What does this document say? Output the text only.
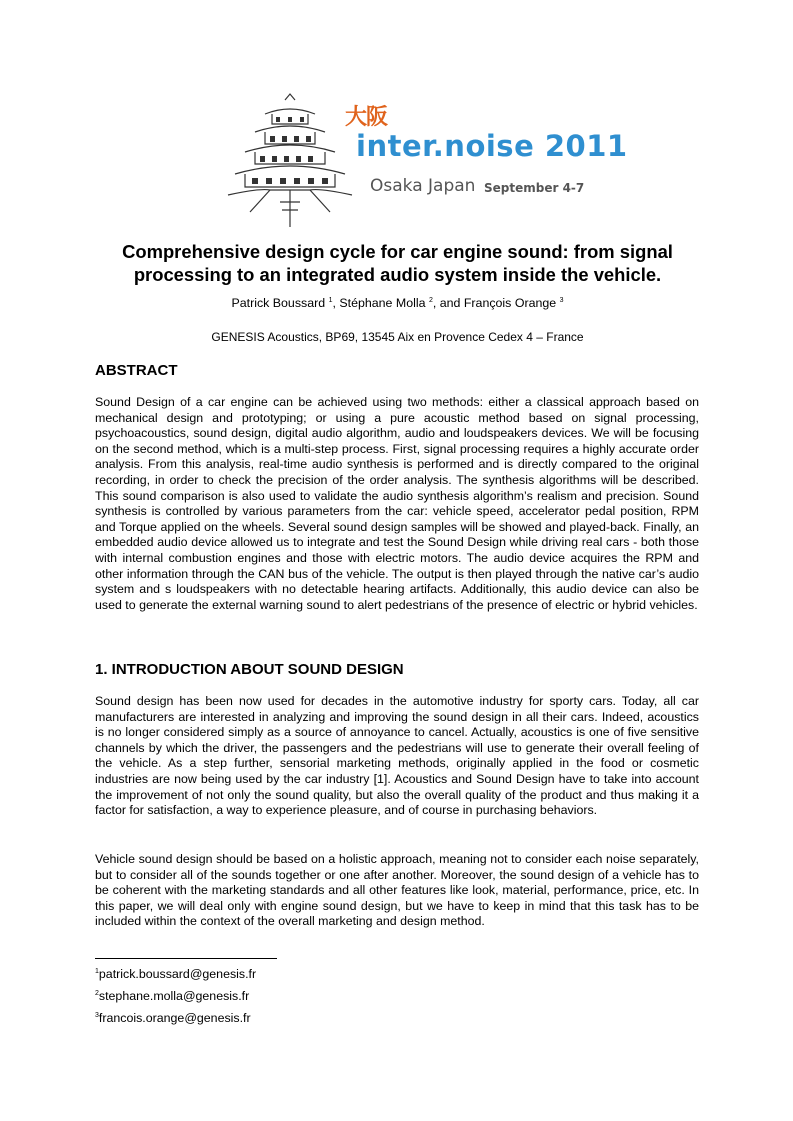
大阪
inter.noise 2011
Osaka Japan September 4-7
Comprehensive design cycle for car engine sound: from signal processing to an integrated audio system inside the vehicle.
Patrick Boussard $^1$, Stéphane Molla $^2$, and François Orange $^3$
GENESIS Acoustics, BP69, 13545 Aix en Provence Cedex 4 – France
ABSTRACT

Sound Design of a car engine can be achieved using two methods: either a classical approach based on mechanical design and prototyping; or using a pure acoustic method based on signal processing, psychoacoustics, sound design, digital audio algorithm, audio and loudspeakers devices. We will be focusing on the second method, which is a multi-step process. First, signal processing requires a highly accurate order analysis. From this analysis, real-time audio synthesis is performed and is directly compared to the original recording, in order to check the precision of the order analysis. The synthesis algorithms will be described. This sound comparison is also used to validate the audio synthesis algorithm’s realism and precision. Sound synthesis is controlled by various parameters from the car: vehicle speed, accelerator pedal position, RPM and Torque applied on the wheels. Several sound design samples will be showed and played-back. Finally, an embedded audio device allowed us to integrate and test the Sound Design while driving real cars - both those with internal combustion engines and those with electric motors. The audio device acquires the RPM and other information through the CAN bus of the vehicle. The output is then played through the native car’s audio system and s loudspeakers with no detectable hearing artifacts. Additionally, this audio device can also be used to generate the external warning sound to alert pedestrians of the presence of electric or hybrid vehicles.

1. INTRODUCTION ABOUT SOUND DESIGN

Sound design has been now used for decades in the automotive industry for sporty cars. Today, all car manufacturers are interested in analyzing and improving the sound design in all their cars. Indeed, acoustics is no longer considered simply as a source of annoyance to cancel. Actually, acoustics is one of five sensitive channels by which the driver, the passengers and the pedestrians will use to generate their overall feeling of the vehicle. As a step further, sensorial marketing methods, originally applied in the food or cosmetic industries are now being used by the car industry [1]. Acoustics and Sound Design have to take into account the improvement of not only the sound quality, but also the overall quality of the product and thus making it a factor for satisfaction, a way to experience pleasure, and of course in purchasing behaviors.

Vehicle sound design should be based on a holistic approach, meaning not to consider each noise separately, but to consider all of the sounds together or one after another. Moreover, the sound design of a vehicle has to be coherent with the marketing standards and all other features like look, material, performance, price, etc. In this paper, we will deal only with engine sound design, but we have to keep in mind that this task has to be included within the context of the overall marketing and design method.

$^1$patrick.boussard@genesis.fr
$^2$stephane.molla@genesis.fr
$^3$francois.orange@genesis.fr
